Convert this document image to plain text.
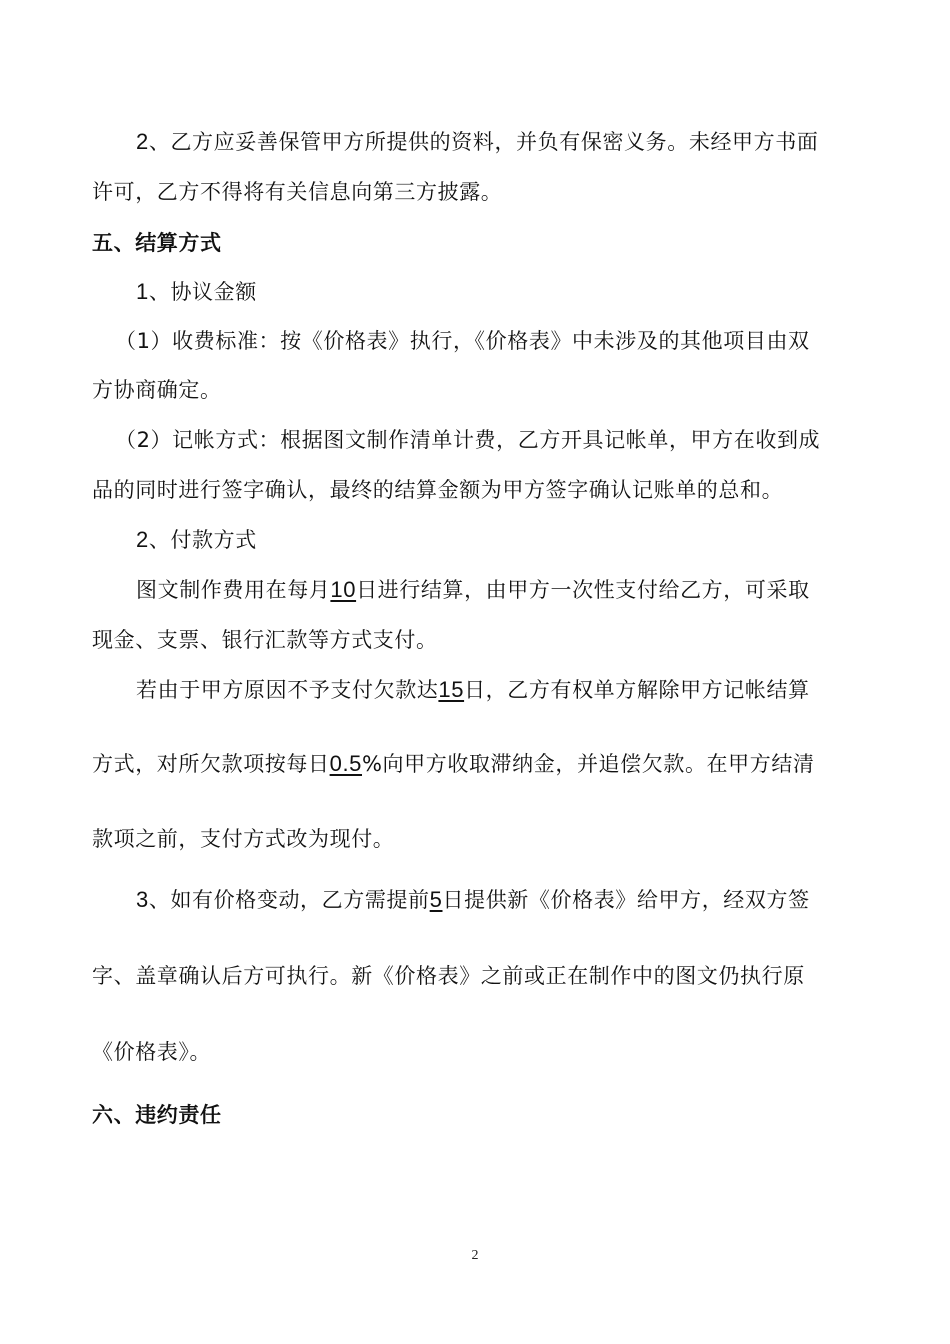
2、乙方应妥善保管甲方所提供的资料，并负有保密义务。未经甲方书面
许可，乙方不得将有关信息向第三方披露。
五、结算方式
1、协议金额
（1）收费标准：按《价格表》执行，《价格表》中未涉及的其他项目由双
方协商确定。
（2）记帐方式：根据图文制作清单计费，乙方开具记帐单，甲方在收到成
品的同时进行签字确认，最终的结算金额为甲方签字确认记账单的总和。
2、付款方式
图文制作费用在每月10日进行结算，由甲方一次性支付给乙方，可采取
现金、支票、银行汇款等方式支付。
若由于甲方原因不予支付欠款达15日，乙方有权单方解除甲方记帐结算
方式，对所欠款项按每日0.5%向甲方收取滞纳金，并追偿欠款。在甲方结清
款项之前，支付方式改为现付。
3、如有价格变动，乙方需提前5日提供新《价格表》给甲方，经双方签
字、盖章确认后方可执行。新《价格表》之前或正在制作中的图文仍执行原
《价格表》。
六、违约责任
2
